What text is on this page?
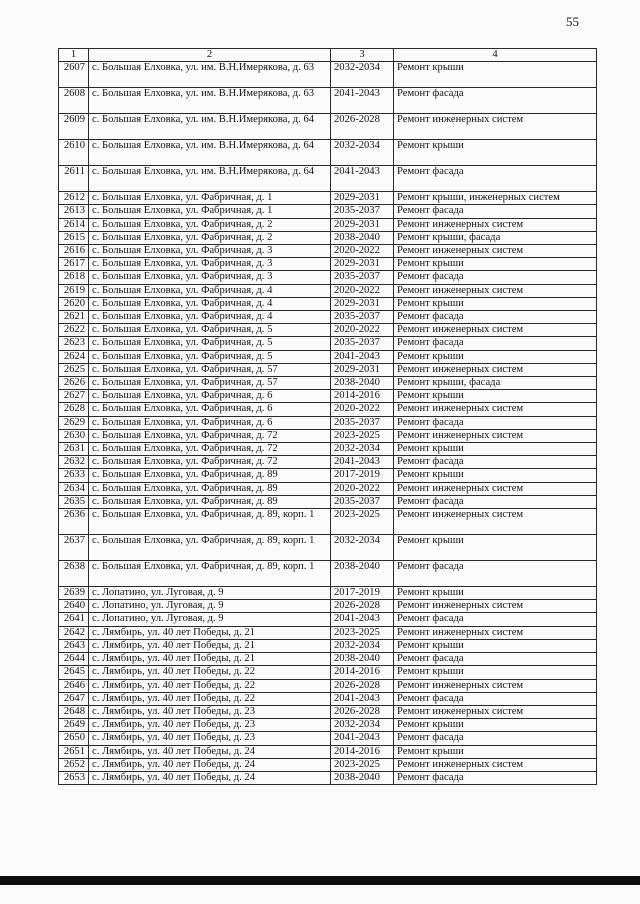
55
1	2	3	4
2607	с. Большая Елховка, ул. им. В.Н.Имерякова, д. 63	2032-2034	Ремонт крыши
2608	с. Большая Елховка, ул. им. В.Н.Имерякова, д. 63	2041-2043	Ремонт фасада
2609	с. Большая Елховка, ул. им. В.Н.Имерякова, д. 64	2026-2028	Ремонт инженерных систем
2610	с. Большая Елховка, ул. им. В.Н.Имерякова, д. 64	2032-2034	Ремонт крыши
2611	с. Большая Елховка, ул. им. В.Н.Имерякова, д. 64	2041-2043	Ремонт фасада
2612	с. Большая Елховка, ул. Фабричная, д. 1	2029-2031	Ремонт крыши, инженерных систем
2613	с. Большая Елховка, ул. Фабричная, д. 1	2035-2037	Ремонт фасада
2614	с. Большая Елховка, ул. Фабричная, д. 2	2029-2031	Ремонт инженерных систем
2615	с. Большая Елховка, ул. Фабричная, д. 2	2038-2040	Ремонт крыши, фасада
2616	с. Большая Елховка, ул. Фабричная, д. 3	2020-2022	Ремонт инженерных систем
2617	с. Большая Елховка, ул. Фабричная, д. 3	2029-2031	Ремонт крыши
2618	с. Большая Елховка, ул. Фабричная, д. 3	2035-2037	Ремонт фасада
2619	с. Большая Елховка, ул. Фабричная, д. 4	2020-2022	Ремонт инженерных систем
2620	с. Большая Елховка, ул. Фабричная, д. 4	2029-2031	Ремонт крыши
2621	с. Большая Елховка, ул. Фабричная, д. 4	2035-2037	Ремонт фасада
2622	с. Большая Елховка, ул. Фабричная, д. 5	2020-2022	Ремонт инженерных систем
2623	с. Большая Елховка, ул. Фабричная, д. 5	2035-2037	Ремонт фасада
2624	с. Большая Елховка, ул. Фабричная, д. 5	2041-2043	Ремонт крыши
2625	с. Большая Елховка, ул. Фабричная, д. 57	2029-2031	Ремонт инженерных систем
2626	с. Большая Елховка, ул. Фабричная, д. 57	2038-2040	Ремонт крыши, фасада
2627	с. Большая Елховка, ул. Фабричная, д. 6	2014-2016	Ремонт крыши
2628	с. Большая Елховка, ул. Фабричная, д. 6	2020-2022	Ремонт инженерных систем
2629	с. Большая Елховка, ул. Фабричная, д. 6	2035-2037	Ремонт фасада
2630	с. Большая Елховка, ул. Фабричная, д. 72	2023-2025	Ремонт инженерных систем
2631	с. Большая Елховка, ул. Фабричная, д. 72	2032-2034	Ремонт крыши
2632	с. Большая Елховка, ул. Фабричная, д. 72	2041-2043	Ремонт фасада
2633	с. Большая Елховка, ул. Фабричная, д. 89	2017-2019	Ремонт крыши
2634	с. Большая Елховка, ул. Фабричная, д. 89	2020-2022	Ремонт инженерных систем
2635	с. Большая Елховка, ул. Фабричная, д. 89	2035-2037	Ремонт фасада
2636	с. Большая Елховка, ул. Фабричная, д. 89, корп. 1	2023-2025	Ремонт инженерных систем
2637	с. Большая Елховка, ул. Фабричная, д. 89, корп. 1	2032-2034	Ремонт крыши
2638	с. Большая Елховка, ул. Фабричная, д. 89, корп. 1	2038-2040	Ремонт фасада
2639	с. Лопатино, ул. Луговая, д. 9	2017-2019	Ремонт крыши
2640	с. Лопатино, ул. Луговая, д. 9	2026-2028	Ремонт инженерных систем
2641	с. Лопатино, ул. Луговая, д. 9	2041-2043	Ремонт фасада
2642	с. Лямбирь, ул. 40 лет Победы, д. 21	2023-2025	Ремонт инженерных систем
2643	с. Лямбирь, ул. 40 лет Победы, д. 21	2032-2034	Ремонт крыши
2644	с. Лямбирь, ул. 40 лет Победы, д. 21	2038-2040	Ремонт фасада
2645	с. Лямбирь, ул. 40 лет Победы, д. 22	2014-2016	Ремонт крыши
2646	с. Лямбирь, ул. 40 лет Победы, д. 22	2026-2028	Ремонт инженерных систем
2647	с. Лямбирь, ул. 40 лет Победы, д. 22	2041-2043	Ремонт фасада
2648	с. Лямбирь, ул. 40 лет Победы, д. 23	2026-2028	Ремонт инженерных систем
2649	с. Лямбирь, ул. 40 лет Победы, д. 23	2032-2034	Ремонт крыши
2650	с. Лямбирь, ул. 40 лет Победы, д. 23	2041-2043	Ремонт фасада
2651	с. Лямбирь, ул. 40 лет Победы, д. 24	2014-2016	Ремонт крыши
2652	с. Лямбирь, ул. 40 лет Победы, д. 24	2023-2025	Ремонт инженерных систем
2653	с. Лямбирь, ул. 40 лет Победы, д. 24	2038-2040	Ремонт фасада
